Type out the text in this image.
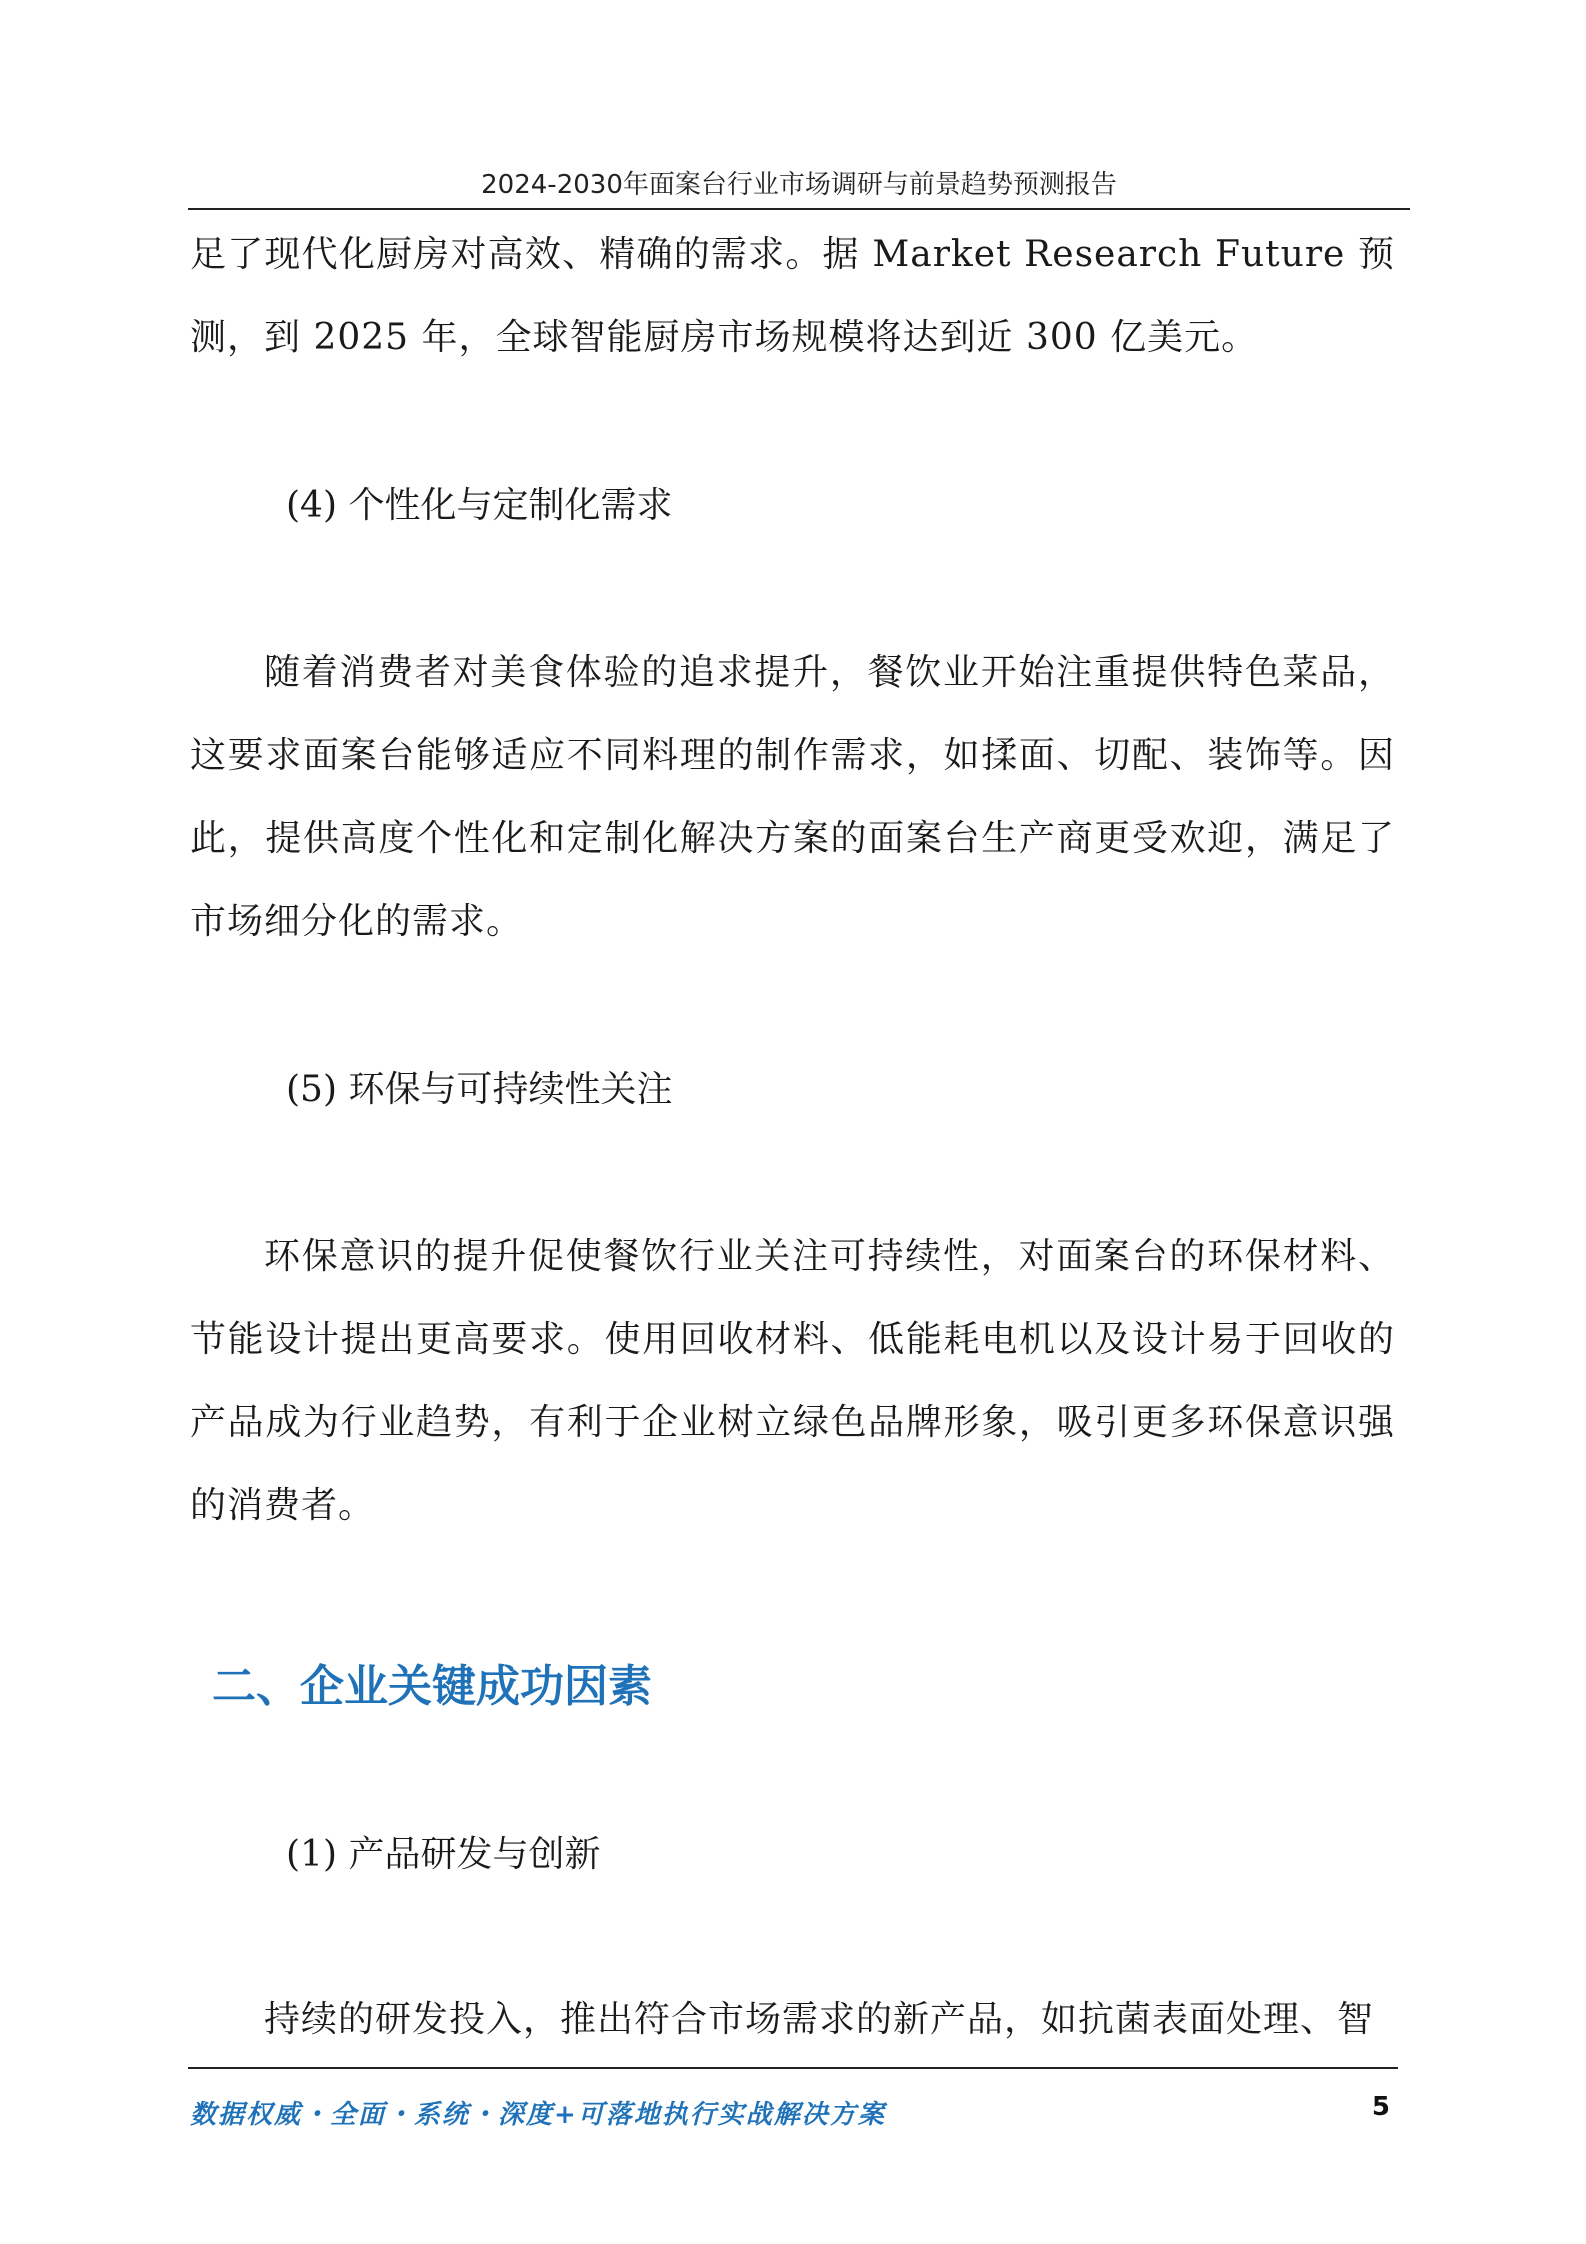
2024-2030年面案台行业市场调研与前景趋势预测报告

足了现代化厨房对高效、精确的需求。据 Market Research Future 预测，到 2025 年，全球智能厨房市场规模将达到近 300 亿美元。

(4) 个性化与定制化需求

随着消费者对美食体验的追求提升，餐饮业开始注重提供特色菜品，这要求面案台能够适应不同料理的制作需求，如揉面、切配、装饰等。因此，提供高度个性化和定制化解决方案的面案台生产商更受欢迎，满足了市场细分化的需求。

(5) 环保与可持续性关注

环保意识的提升促使餐饮行业关注可持续性，对面案台的环保材料、节能设计提出更高要求。使用回收材料、低能耗电机以及设计易于回收的产品成为行业趋势，有利于企业树立绿色品牌形象，吸引更多环保意识强的消费者。

二、企业关键成功因素

(1) 产品研发与创新

持续的研发投入，推出符合市场需求的新产品，如抗菌表面处理、智

数据权威・全面・系统・深度+可落地执行实战解决方案	5
